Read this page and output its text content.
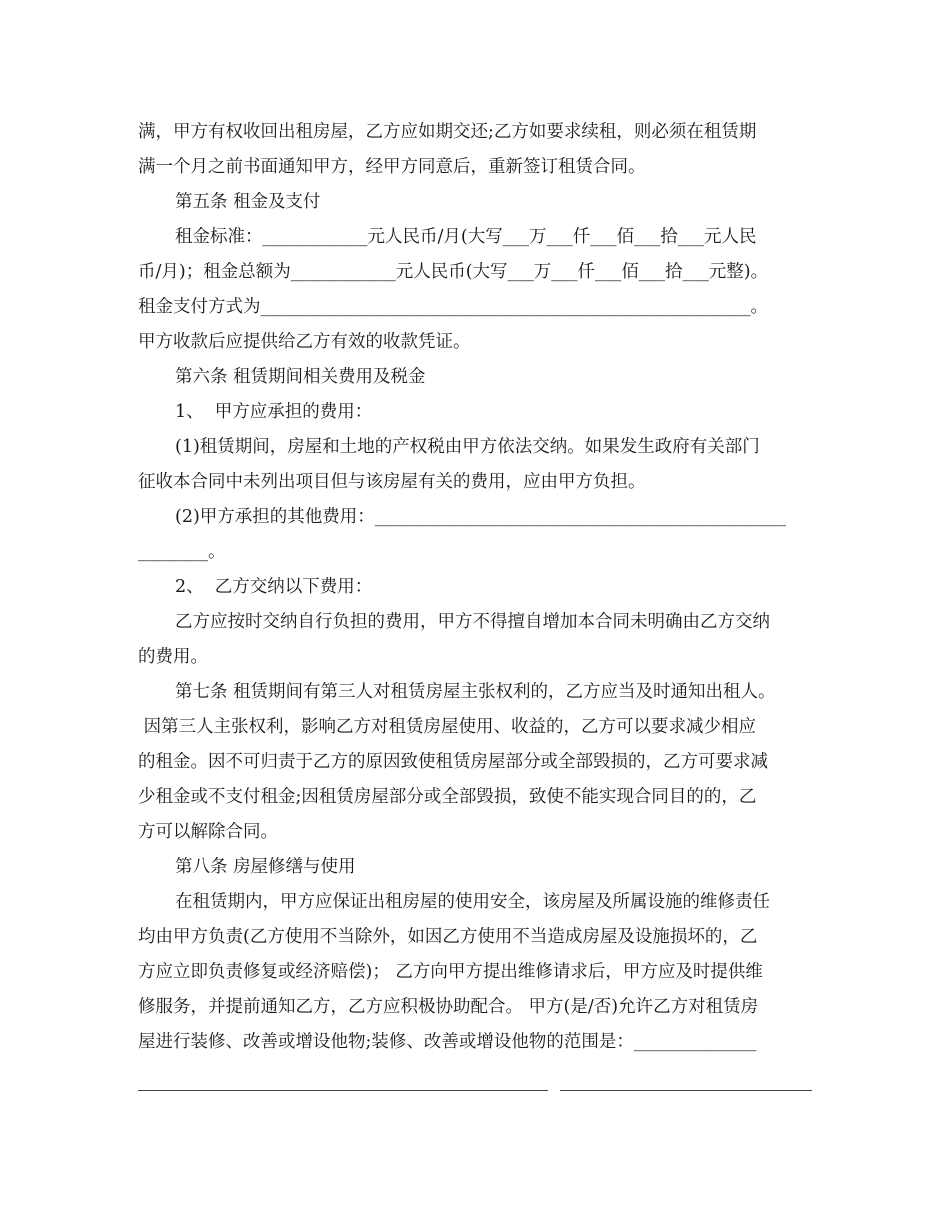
满，甲方有权收回出租房屋，乙方应如期交还;乙方如要求续租，则必须在租赁期
满一个月之前书面通知甲方，经甲方同意后，重新签订租赁合同。
第五条 租金及支付
租金标准：____________元人民币/月(大写___万___仟___佰___拾___元人民
币/月)；租金总额为____________元人民币(大写___万___仟___佰___拾___元整)。
租金支付方式为________________________________________________________。
甲方收款后应提供给乙方有效的收款凭证。
第六条 租赁期间相关费用及税金
1、  甲方应承担的费用：
(1)租赁期间，房屋和土地的产权税由甲方依法交纳。如果发生政府有关部门
征收本合同中未列出项目但与该房屋有关的费用，应由甲方负担。
(2)甲方承担的其他费用：_______________________________________________
________。
2、  乙方交纳以下费用：
乙方应按时交纳自行负担的费用，甲方不得擅自增加本合同未明确由乙方交纳
的费用。
第七条 租赁期间有第三人对租赁房屋主张权利的，乙方应当及时通知出租人。
因第三人主张权利，影响乙方对租赁房屋使用、收益的，乙方可以要求减少相应
的租金。因不可归责于乙方的原因致使租赁房屋部分或全部毁损的，乙方可要求减
少租金或不支付租金;因租赁房屋部分或全部毁损，致使不能实现合同目的的，乙
方可以解除合同。
第八条 房屋修缮与使用
在租赁期内，甲方应保证出租房屋的使用安全，该房屋及所属设施的维修责任
均由甲方负责(乙方使用不当除外，如因乙方使用不当造成房屋及设施损坏的，乙
方应立即负责修复或经济赔偿)； 乙方向甲方提出维修请求后，甲方应及时提供维
修服务，并提前通知乙方，乙方应积极协助配合。 甲方(是/否)允许乙方对租赁房
屋进行装修、改善或增设他物;装修、改善或增设他物的范围是：______________
